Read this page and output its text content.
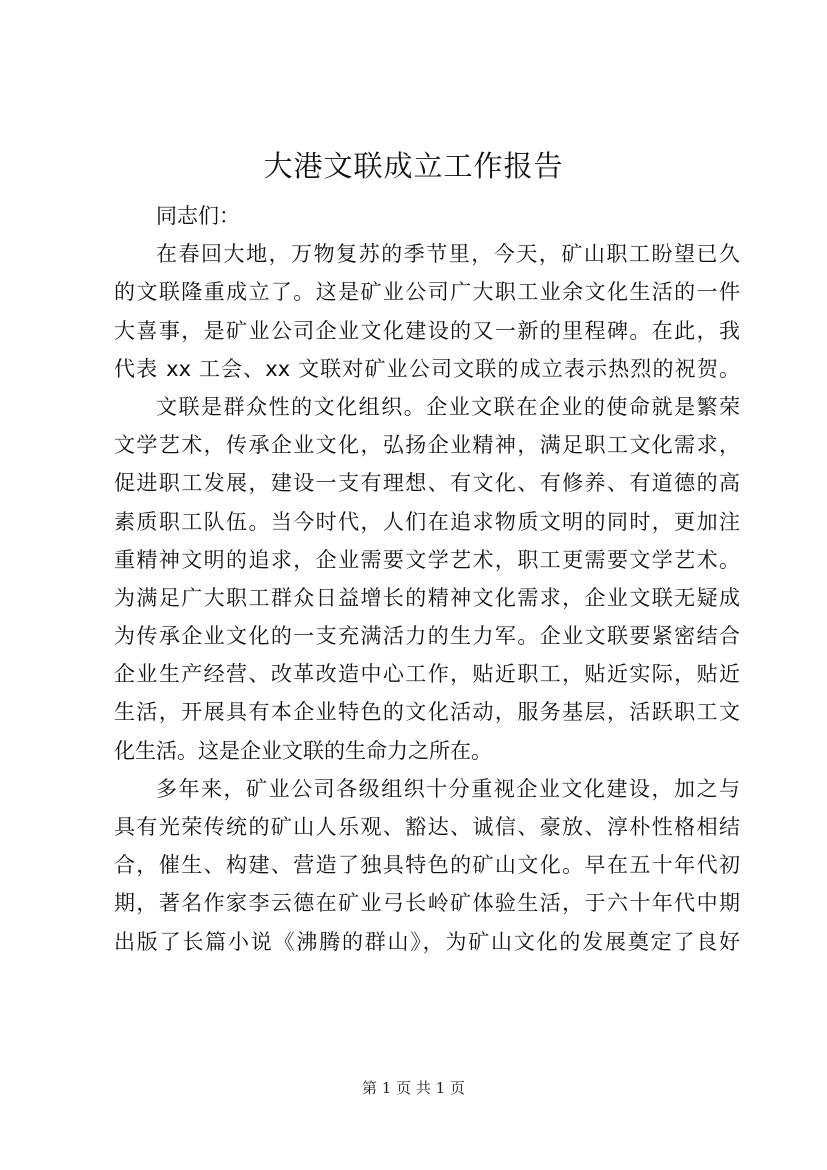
大港文联成立工作报告
同志们：
在春回大地，万物复苏的季节里，今天，矿山职工盼望已久
的文联隆重成立了。这是矿业公司广大职工业余文化生活的一件
大喜事，是矿业公司企业文化建设的又一新的里程碑。在此，我
代表 xx 工会、xx 文联对矿业公司文联的成立表示热烈的祝贺。
文联是群众性的文化组织。企业文联在企业的使命就是繁荣
文学艺术，传承企业文化，弘扬企业精神，满足职工文化需求，
促进职工发展，建设一支有理想、有文化、有修养、有道德的高
素质职工队伍。当今时代，人们在追求物质文明的同时，更加注
重精神文明的追求，企业需要文学艺术，职工更需要文学艺术。
为满足广大职工群众日益增长的精神文化需求，企业文联无疑成
为传承企业文化的一支充满活力的生力军。企业文联要紧密结合
企业生产经营、改革改造中心工作，贴近职工，贴近实际，贴近
生活，开展具有本企业特色的文化活动，服务基层，活跃职工文
化生活。这是企业文联的生命力之所在。
多年来，矿业公司各级组织十分重视企业文化建设，加之与
具有光荣传统的矿山人乐观、豁达、诚信、豪放、淳朴性格相结
合，催生、构建、营造了独具特色的矿山文化。早在五十年代初
期，著名作家李云德在矿业弓长岭矿体验生活，于六十年代中期
出版了长篇小说《沸腾的群山》，为矿山文化的发展奠定了良好
第 1 页 共 1 页
